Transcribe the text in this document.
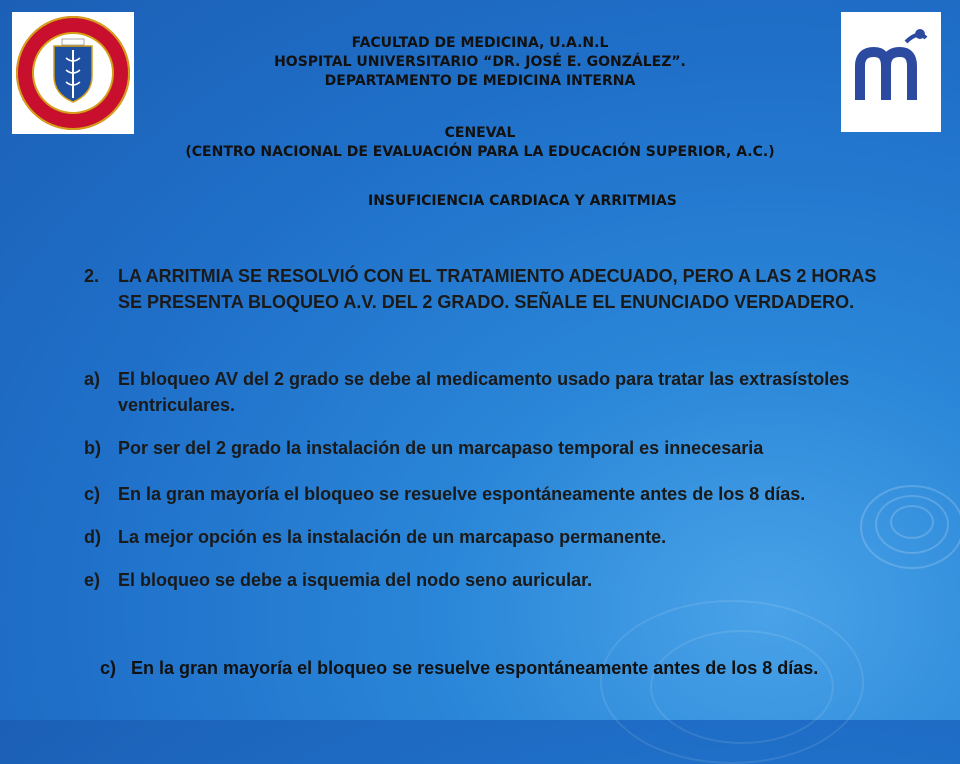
FACULTAD DE MEDICINA, U.A.N.L
HOSPITAL UNIVERSITARIO “DR. JOSÉ E. GONZÁLEZ”.
DEPARTAMENTO DE MEDICINA INTERNA
CENEVAL
(CENTRO NACIONAL DE EVALUACIÓN PARA LA EDUCACIÓN SUPERIOR, A.C.)
INSUFICIENCIA CARDIACA Y ARRITMIAS
2.	LA ARRITMIA SE RESOLVIÓ CON EL TRATAMIENTO ADECUADO, PERO A LAS 2 HORAS SE PRESENTA BLOQUEO A.V. DEL 2 GRADO. SEÑALE EL ENUNCIADO VERDADERO.
a) El bloqueo AV del 2 grado se debe al medicamento usado para tratar las extrasístoles ventriculares.
b) Por ser del 2 grado la instalación de un marcapaso temporal es innecesaria
c) En la gran mayoría el bloqueo se resuelve espontáneamente antes de los 8 días.
d) La mejor opción es la instalación de un marcapaso permanente.
e) El bloqueo se debe a isquemia del nodo seno auricular.
c) En la gran mayoría el bloqueo se resuelve espontáneamente antes de los 8 días.
